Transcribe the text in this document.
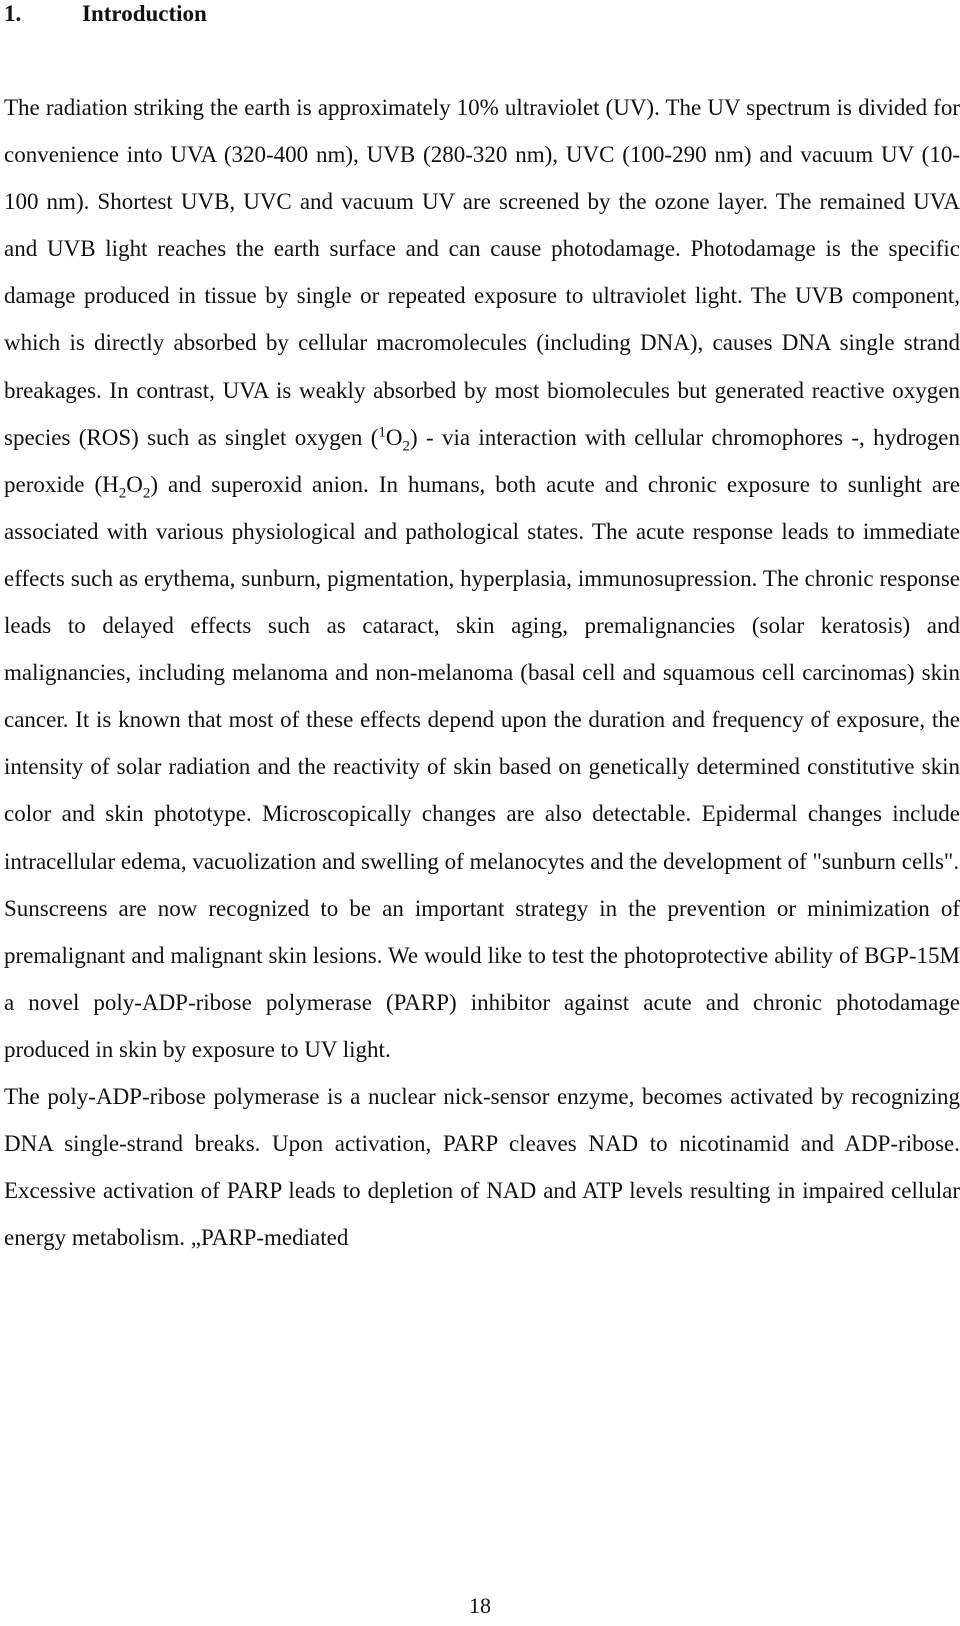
1.	Introduction

The radiation striking the earth is approximately 10% ultraviolet (UV). The UV spectrum is divided for convenience into UVA (320-400 nm), UVB (280-320 nm), UVC (100-290 nm) and vacuum UV (10-100 nm). Shortest UVB, UVC and vacuum UV are screened by the ozone layer. The remained UVA and UVB light reaches the earth surface and can cause photodamage. Photodamage is the specific damage produced in tissue by single or repeated exposure to ultraviolet light. The UVB component, which is directly absorbed by cellular macromolecules (including DNA), causes DNA single strand breakages. In contrast, UVA is weakly absorbed by most biomolecules but generated reactive oxygen species (ROS) such as singlet oxygen $(^1O_2)$ - via interaction with cellular chromophores -, hydrogen peroxide $(H_2O_2)$ and superoxid anion. In humans, both acute and chronic exposure to sunlight are associated with various physiological and pathological states. The acute response leads to immediate effects such as erythema, sunburn, pigmentation, hyperplasia, immunosupression. The chronic response leads to delayed effects such as cataract, skin aging, premalignancies (solar keratosis) and malignancies, including melanoma and non-melanoma (basal cell and squamous cell carcinomas) skin cancer. It is known that most of these effects depend upon the duration and frequency of exposure, the intensity of solar radiation and the reactivity of skin based on genetically determined constitutive skin color and skin phototype. Microscopically changes are also detectable. Epidermal changes include intracellular edema, vacuolization and swelling of melanocytes and the development of "sunburn cells".

Sunscreens are now recognized to be an important strategy in the prevention or minimization of premalignant and malignant skin lesions. We would like to test the photoprotective ability of BGP-15M a novel poly-ADP-ribose polymerase (PARP) inhibitor against acute and chronic photodamage produced in skin by exposure to UV light.

The poly-ADP-ribose polymerase is a nuclear nick-sensor enzyme, becomes activated by recognizing DNA single-strand breaks. Upon activation, PARP cleaves NAD to nicotinamid and ADP-ribose. Excessive activation of PARP leads to depletion of NAD and ATP levels resulting in impaired cellular energy metabolism. „PARP-mediated

18
